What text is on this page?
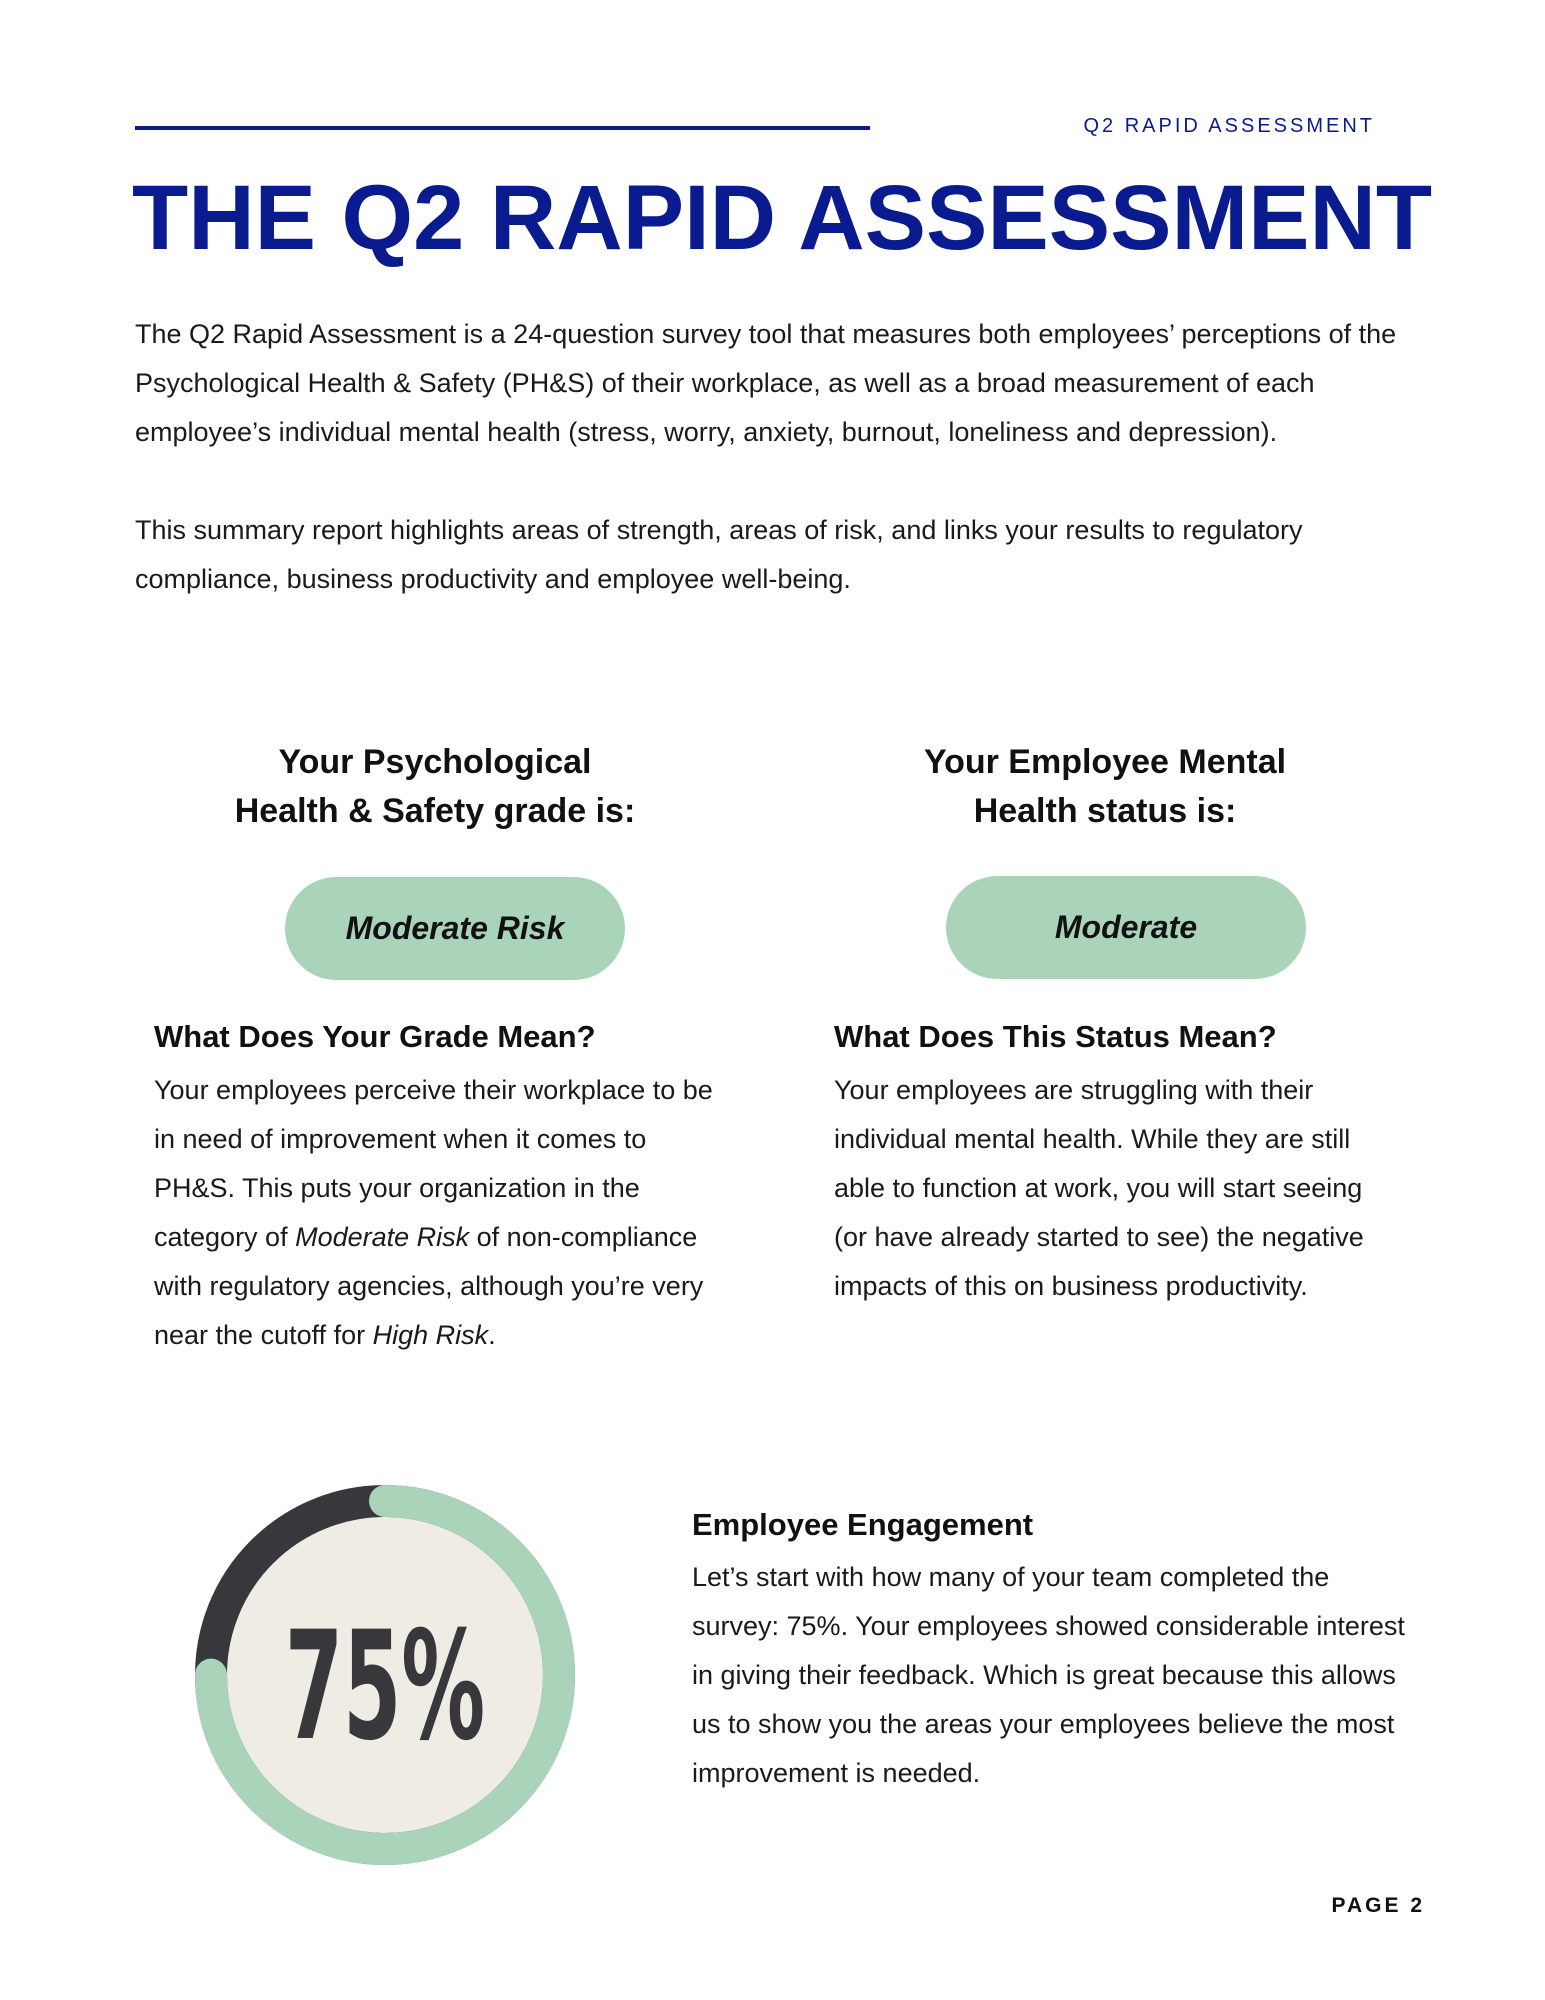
Q2 RAPID ASSESSMENT
THE Q2 RAPID ASSESSMENT

The Q2 Rapid Assessment is a 24-question survey tool that measures both employees’ perceptions of the Psychological Health & Safety (PH&S) of their workplace, as well as a broad measurement of each employee’s individual mental health (stress, worry, anxiety, burnout, loneliness and depression).

This summary report highlights areas of strength, areas of risk, and links your results to regulatory compliance, business productivity and employee well-being.

Your Psychological
Health & Safety grade is:
Moderate Risk
What Does Your Grade Mean?
Your employees perceive their workplace to be in need of improvement when it comes to PH&S. This puts your organization in the category of Moderate Risk of non-compliance with regulatory agencies, although you’re very near the cutoff for High Risk.
Your Employee Mental
Health status is:
Moderate
What Does This Status Mean?
Your employees are struggling with their individual mental health. While they are still able to function at work, you will start seeing (or have already started to see) the negative impacts of this on business productivity.
75%
Employee Engagement
Let’s start with how many of your team completed the survey: 75%. Your employees showed considerable interest in giving their feedback. Which is great because this allows us to show you the areas your employees believe the most improvement is needed.
PAGE 2
